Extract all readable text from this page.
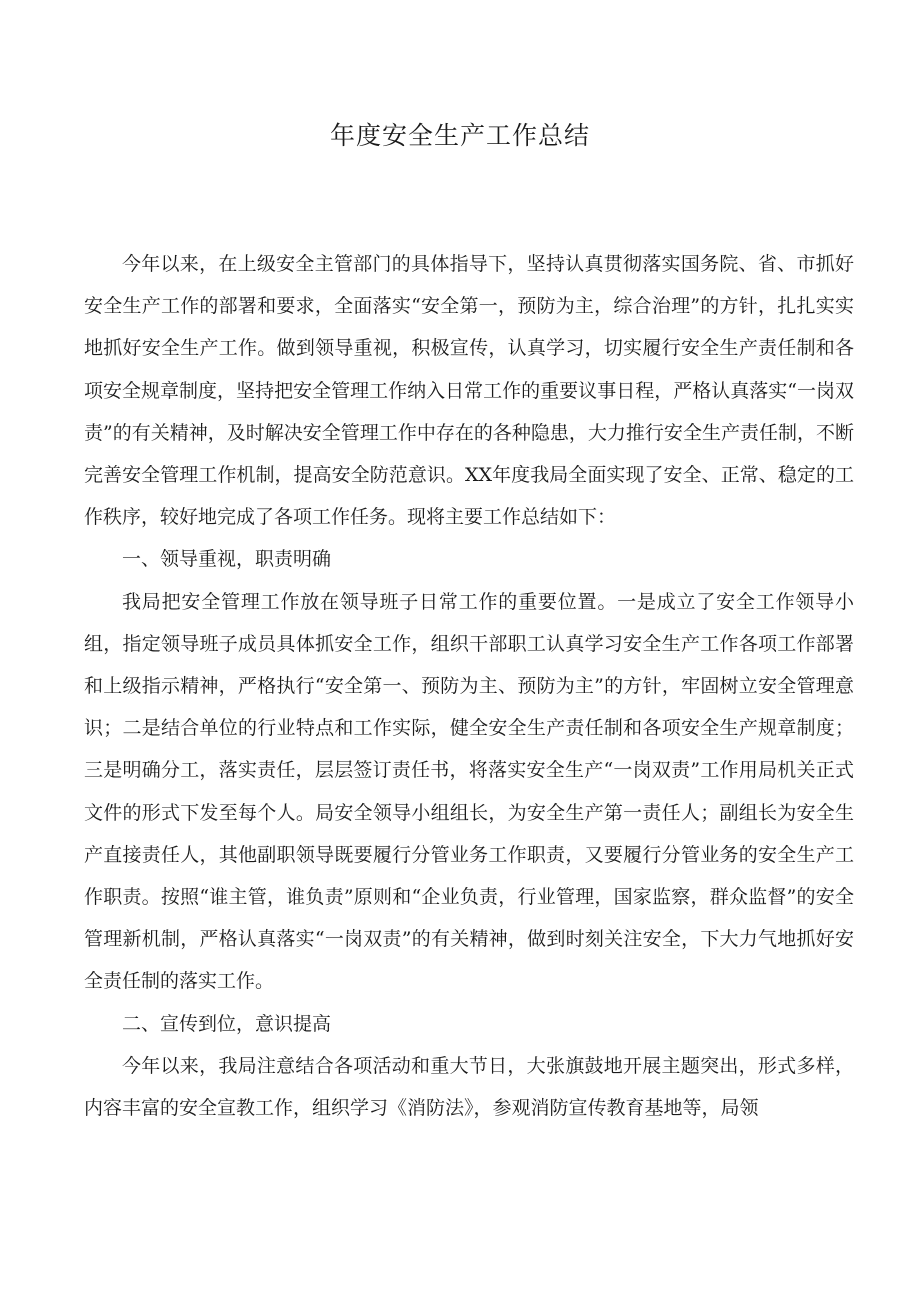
年度安全生产工作总结

今年以来，在上级安全主管部门的具体指导下，坚持认真贯彻落实国务院、省、市抓好安全生产工作的部署和要求，全面落实“安全第一，预防为主，综合治理”的方针，扎扎实实地抓好安全生产工作。做到领导重视，积极宣传，认真学习，切实履行安全生产责任制和各项安全规章制度，坚持把安全管理工作纳入日常工作的重要议事日程，严格认真落实“一岗双责”的有关精神，及时解决安全管理工作中存在的各种隐患，大力推行安全生产责任制，不断完善安全管理工作机制，提高安全防范意识。XX年度我局全面实现了安全、正常、稳定的工作秩序，较好地完成了各项工作任务。现将主要工作总结如下：

一、领导重视，职责明确

我局把安全管理工作放在领导班子日常工作的重要位置。一是成立了安全工作领导小组，指定领导班子成员具体抓安全工作，组织干部职工认真学习安全生产工作各项工作部署和上级指示精神，严格执行“安全第一、预防为主、预防为主”的方针，牢固树立安全管理意识；二是结合单位的行业特点和工作实际，健全安全生产责任制和各项安全生产规章制度；三是明确分工，落实责任，层层签订责任书，将落实安全生产“一岗双责”工作用局机关正式文件的形式下发至每个人。局安全领导小组组长，为安全生产第一责任人；副组长为安全生产直接责任人，其他副职领导既要履行分管业务工作职责，又要履行分管业务的安全生产工作职责。按照“谁主管，谁负责”原则和“企业负责，行业管理，国家监察，群众监督”的安全管理新机制，严格认真落实“一岗双责”的有关精神，做到时刻关注安全，下大力气地抓好安全责任制的落实工作。

二、宣传到位，意识提高

今年以来，我局注意结合各项活动和重大节日，大张旗鼓地开展主题突出，形式多样，内容丰富的安全宣教工作，组织学习《消防法》，参观消防宣传教育基地等，局领
